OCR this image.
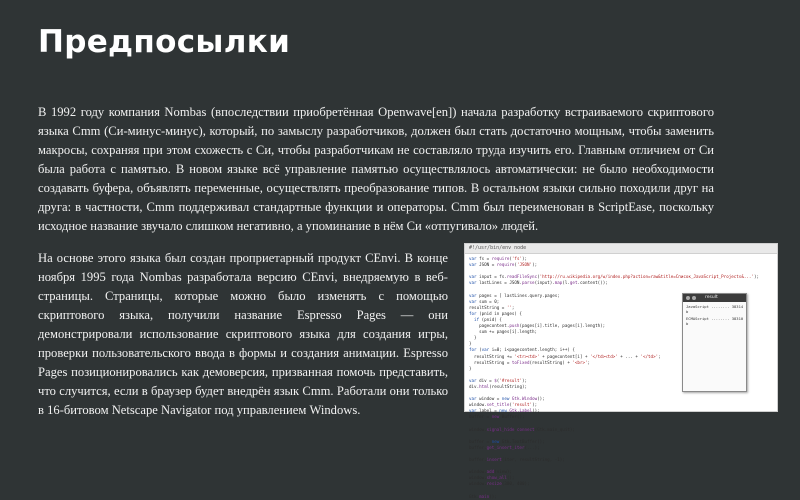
Предпосылки
В 1992 году компания Nombas (впоследствии приобретённая Openwave[en]) начала разработку встраиваемого скриптового языка Cmm (Си-минус-минус), который, по замыслу разработчиков, должен был стать достаточно мощным, чтобы заменить макросы, сохраняя при этом схожесть с Си, чтобы разработчикам не составляло труда изучить его. Главным отличием от Си была работа с памятью. В новом языке всё управление памятью осуществлялось автоматически: не было необходимости создавать буфера, объявлять переменные, осуществлять преобразование типов. В остальном языки сильно походили друг на друга: в частности, Cmm поддерживал стандартные функции и операторы. Cmm был переименован в ScriptEase, поскольку исходное название звучало слишком негативно, а упоминание в нём Си «отпугивало» людей.
На основе этого языка был создан проприетарный продукт CEnvi. В конце ноября 1995 года Nombas разработала версию CEnvi, внедряемую в веб-страницы. Страницы, которые можно было изменять с помощью скриптового языка, получили название Espresso Pages — они демонстрировали использование скриптового языка для создания игры, проверки пользовательского ввода в формы и создания анимации. Espresso Pages позиционировались как демоверсия, призванная помочь представить, что случится, если в браузер будет внедрён язык Cmm. Работали они только в 16-битовом Netscape Navigator под управлением Windows.
#!/usr/bin/env node
var fs = require('fs');
var JSON = require('JSON');

var input = fs.readFileSync('http://ru.wikipedia.org/w/index.php?action=raw&title=Список_JavaScript_Projects&...');
var lastLines = JSON.parse(input).map(l.get.content());

var pages = [ lastLines.query.pages;
var sum = 0;
resultString = '';
for (pnid in pages) {
if (pnid) {
pagecontent.push(pages[i].title, pages[i].length);
sum += pages[i].length;
}
}
for (var i=0; i<pagecontent.length; i++) {
resultString += '<tr><td>' + pagecontent[i] + '</td><td>' + ... + '</td>';
resultString = toFixed(resultString) + '<br>';
}

var div = $('#result');
div.html(resultString);

var window = new Gtk.Window();
window.set_title('result');
var label = new Gtk.Label();
buffer = new Buffer();

window.signal_hide.connect(Gtk.main_quit);

buffer = new Gtk.TextBuffer();
buffer.get_insert_iter(...);

buffer.insert(iter, resultString, -1);

window.add(view);
window.show_all();
window.resize(300, 400);

Gtk.main();
result
JavaScript ........ 38314 b
ECMAScript ........ 38310 b
